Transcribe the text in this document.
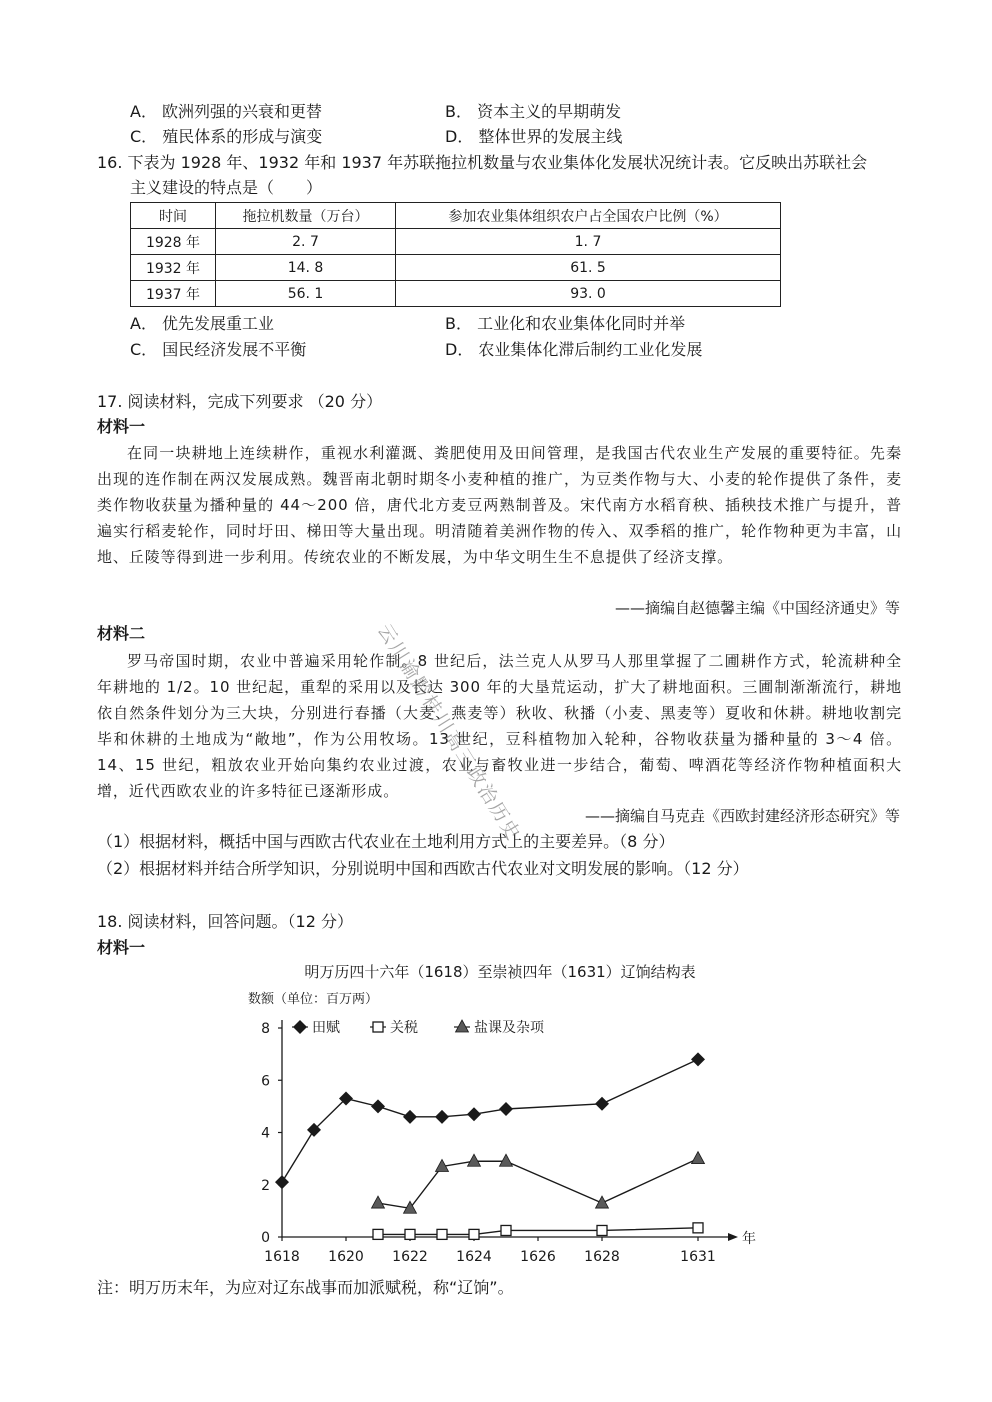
A． 欧洲列强的兴衰和更替	B． 资本主义的早期萌发
C． 殖民体系的形成与演变	D． 整体世界的发展主线
16. 下表为 1928 年、1932 年和 1937 年苏联拖拉机数量与农业集体化发展状况统计表。它反映出苏联社会
主义建设的特点是（　　）
时间	拖拉机数量（万台）	参加农业集体组织农户占全国农户比例（%）
1928 年	2. 7	1. 7
1932 年	14. 8	61. 5
1937 年	56. 1	93. 0
A． 优先发展重工业	B． 工业化和农业集体化同时并举
C． 国民经济发展不平衡	D． 农业集体化滞后制约工业化发展
17. 阅读材料，完成下列要求 （20 分）
材料一
在同一块耕地上连续耕作，重视水利灌溉、粪肥使用及田间管理，是我国古代农业生产发展的重要特征。先秦出现的连作制在两汉发展成熟。魏晋南北朝时期冬小麦种植的推广，为豆类作物与大、小麦的轮作提供了条件，麦类作物收获量为播种量的 44～200 倍，唐代北方麦豆两熟制普及。宋代南方水稻育秧、插秧技术推广与提升，普遍实行稻麦轮作，同时圩田、梯田等大量出现。明清随着美洲作物的传入、双季稻的推广，轮作物种更为丰富，山地、丘陵等得到进一步利用。传统农业的不断发展，为中华文明生生不息提供了经济支撑。
——摘编自赵德馨主编《中国经济通史》等
材料二
罗马帝国时期，农业中普遍采用轮作制。8 世纪后，法兰克人从罗马人那里掌握了二圃耕作方式，轮流耕种全年耕地的 1/2。10 世纪起，重犁的采用以及长达 300 年的大垦荒运动，扩大了耕地面积。三圃制渐渐流行，耕地依自然条件划分为三大块，分别进行春播（大麦、燕麦等）秋收、秋播（小麦、黑麦等）夏收和休耕。耕地收割完毕和休耕的土地成为“敞地”，作为公用牧场。13 世纪，豆科植物加入轮种，谷物收获量为播种量的 3～4 倍。14、15 世纪，粗放农业开始向集约农业过渡，农业与畜牧业进一步结合，葡萄、啤酒花等经济作物种植面积大增，近代西欧农业的许多特征已逐渐形成。
——摘编自马克垚《西欧封建经济形态研究》等
（1）根据材料，概括中国与西欧古代农业在土地利用方式上的主要差异。（8 分）
（2）根据材料并结合所学知识，分别说明中国和西欧古代农业对文明发展的影响。（12 分）
18. 阅读材料，回答问题。（12 分）
材料一
明万历四十六年（1618）至崇祯四年（1631）辽饷结构表
数额（单位：百万两）
年
0
2
4
6
8
1618 1620 1622 1624 1626 1628	1631
田赋	关税	盐课及杂项
注：明万历末年，为应对辽东战事而加派赋税，称“辽饷”。
云川渝黔桂川高三政治历史
